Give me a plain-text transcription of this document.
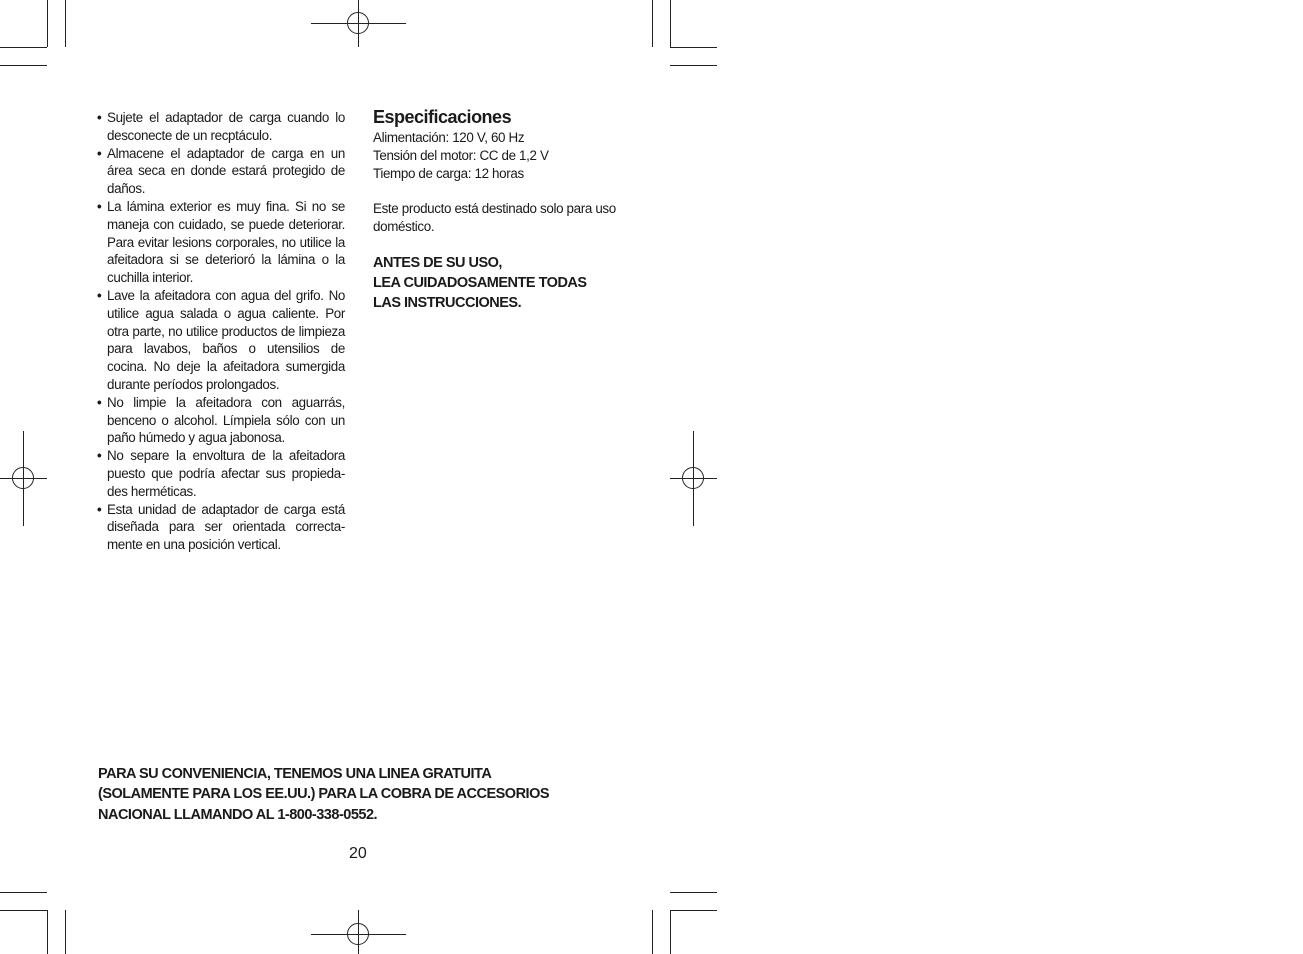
• Sujete el adaptador de carga cuando lo desconecte de un recptáculo.
• Almacene el adaptador de carga en un área seca en donde estará protegido de daños.
• La lámina exterior es muy fina. Si no se maneja con cuidado, se puede deteriorar. Para evitar lesions corporales, no utilice la afeitadora si se deterioró la lámina o la cuchilla interior.
• Lave la afeitadora con agua del grifo. No utilice agua salada o agua caliente. Por otra parte, no utilice productos de limpieza para lavabos, baños o utensilios de cocina. No deje la afeitadora sumergida durante períodos prolongados.
• No limpie la afeitadora con aguarrás, benceno o alcohol. Límpiela sólo con un paño húmedo y agua jabonosa.
• No separe la envoltura de la afeitadora puesto que podría afectar sus propieda-des herméticas.
• Esta unidad de adaptador de carga está diseñada para ser orientada correcta-mente en una posición vertical.
Especificaciones
Alimentación: 120 V, 60 Hz
Tensión del motor: CC de 1,2 V
Tiempo de carga: 12 horas
Este producto está destinado solo para uso doméstico.
ANTES DE SU USO,
LEA CUIDADOSAMENTE TODAS
LAS INSTRUCCIONES.
PARA SU CONVENIENCIA, TENEMOS UNA LINEA GRATUITA
(SOLAMENTE PARA LOS EE.UU.) PARA LA COBRA DE ACCESORIOS
NACIONAL LLAMANDO AL 1-800-338-0552.
20
